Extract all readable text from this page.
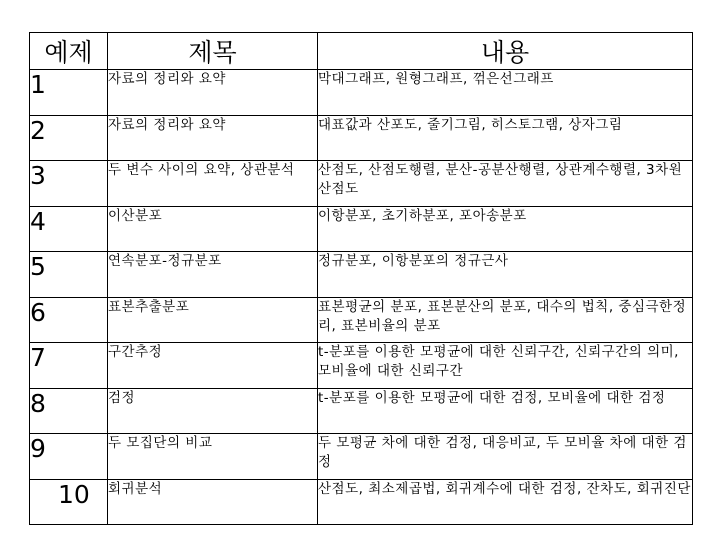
예제	제목	내용
1	자료의 정리와 요약	막대그래프, 원형그래프, 꺾은선그래프
2	자료의 정리와 요약	대표값과 산포도, 줄기그림, 히스토그램, 상자그림
3	두 변수 사이의 요약, 상관분석	산점도, 산점도행렬, 분산-공분산행렬, 상관계수행렬, 3차원 산점도
4	이산분포	이항분포, 초기하분포, 포아송분포
5	연속분포-정규분포	정규분포, 이항분포의 정규근사
6	표본추출분포	표본평균의 분포, 표본분산의 분포, 대수의 법칙, 중심극한정리, 표본비율의 분포
7	구간추정	t-분포를 이용한 모평균에 대한 신뢰구간, 신뢰구간의 의미, 모비율에 대한 신뢰구간
8	검정	t-분포를 이용한 모평균에 대한 검정, 모비율에 대한 검정
9	두 모집단의 비교	두 모평균 차에 대한 검정, 대응비교, 두 모비율 차에 대한 검정
10	회귀분석	산점도, 최소제곱법, 회귀계수에 대한 검정, 잔차도, 회귀진단
